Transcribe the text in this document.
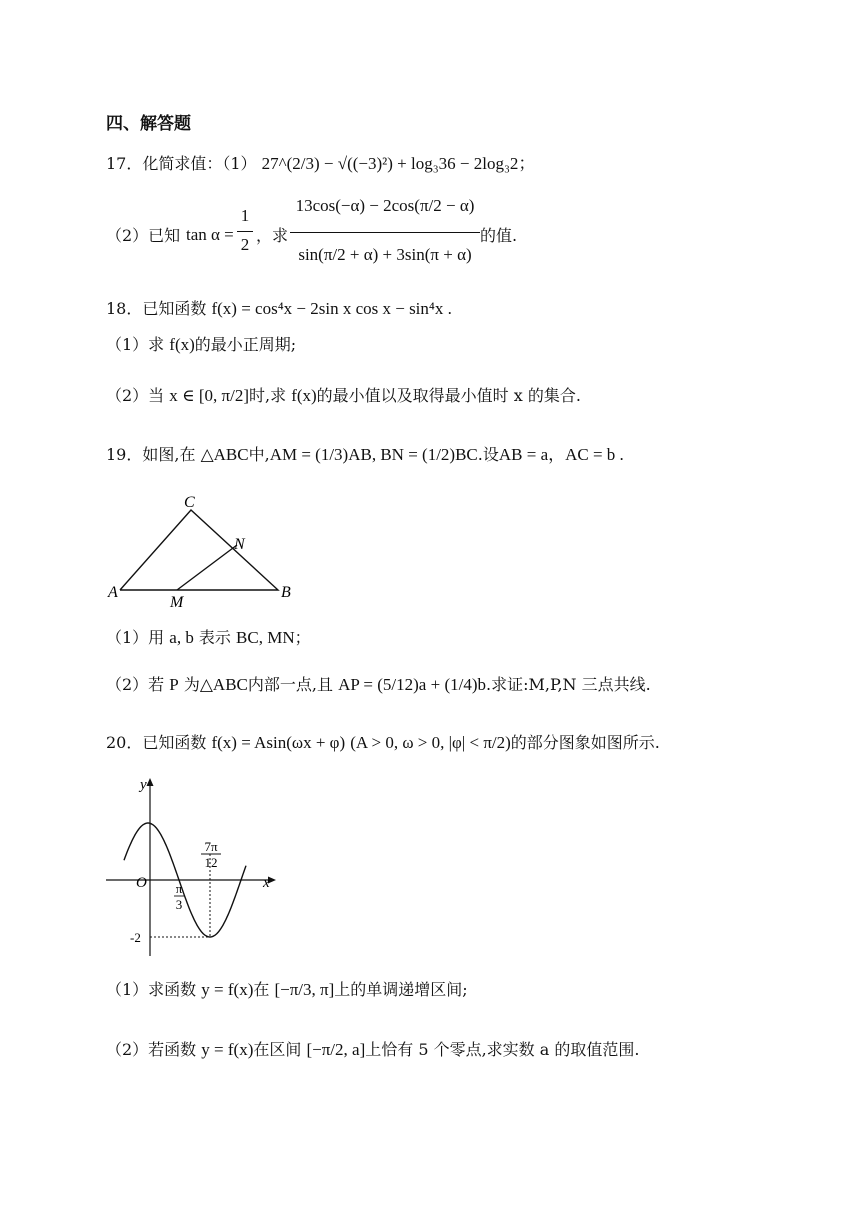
四、解答题
17．化简求值：（1） 27^(2/3) − √((−3)²) + log₃36 − 2log₃2；
（2）已知 tan α =
1
2 ，求
13cos(−α) − 2cos(π/2 − α)
sin(π/2 + α) + 3sin(π + α)
的值.
18．已知函数 f(x) = cos⁴x − 2sin x cos x − sin⁴x .
（1）求 f(x)的最小正周期;
（2）当 x ∈ [0, π/2]时,求 f(x)的最小值以及取得最小值时 x 的集合.
19．如图,在 △ABC中,AM = (1/3)AB, BN = (1/2)BC.设AB = a，AC = b .
C
N
A	B
M
（1）用 a, b 表示 BC, MN；
（2）若 P 为△ABC内部一点,且 AP = (5/12)a + (1/4)b.求证:M,P,N 三点共线.
20．已知函数 f(x) = Asin(ωx + φ) (A > 0, ω > 0, |φ| < π/2)的部分图象如图所示.
y
x
O π
3
7π
12
-2
（1）求函数 y = f(x)在 [−π/3, π]上的单调递增区间;
（2）若函数 y = f(x)在区间 [−π/2, a]上恰有 5 个零点,求实数 a 的取值范围.
